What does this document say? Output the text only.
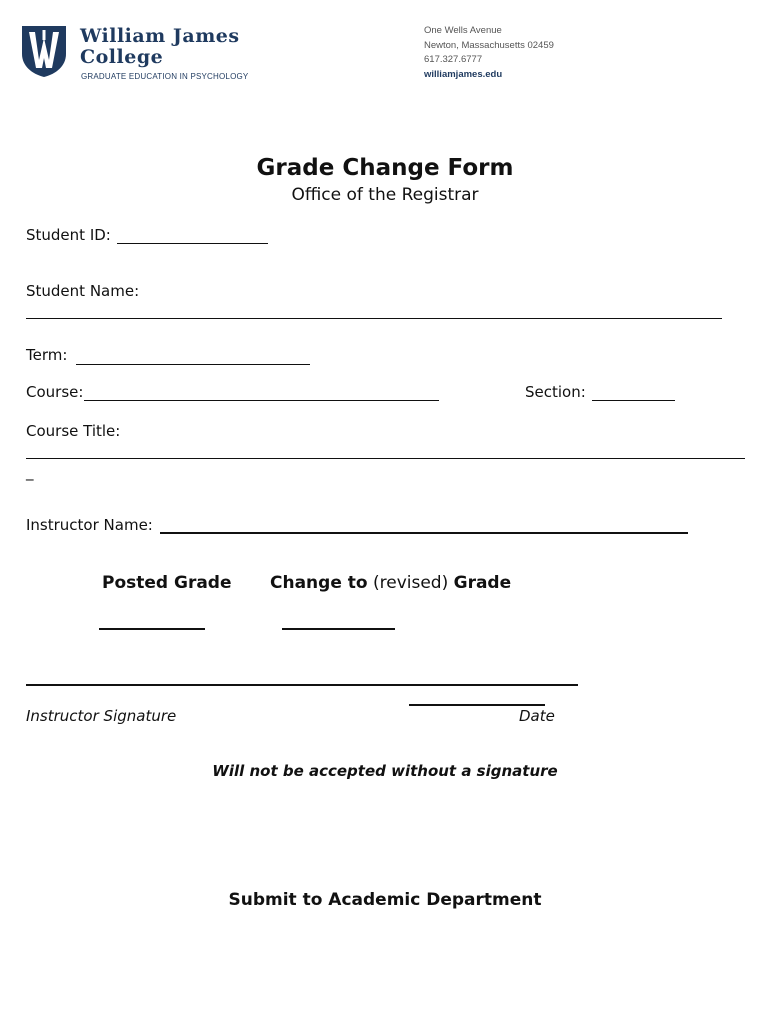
William James
College
GRADUATE EDUCATION IN PSYCHOLOGY
One Wells Avenue
Newton, Massachusetts 02459
617.327.6777
williamjames.edu
Grade Change Form
Office of the Registrar
Student ID:
Student Name:
Term:
Course:	Section:
Course Title:
_
Instructor Name:
Posted Grade Change to (revised) Grade
Instructor Signature	Date
Will not be accepted without a signature
Submit to Academic Department
